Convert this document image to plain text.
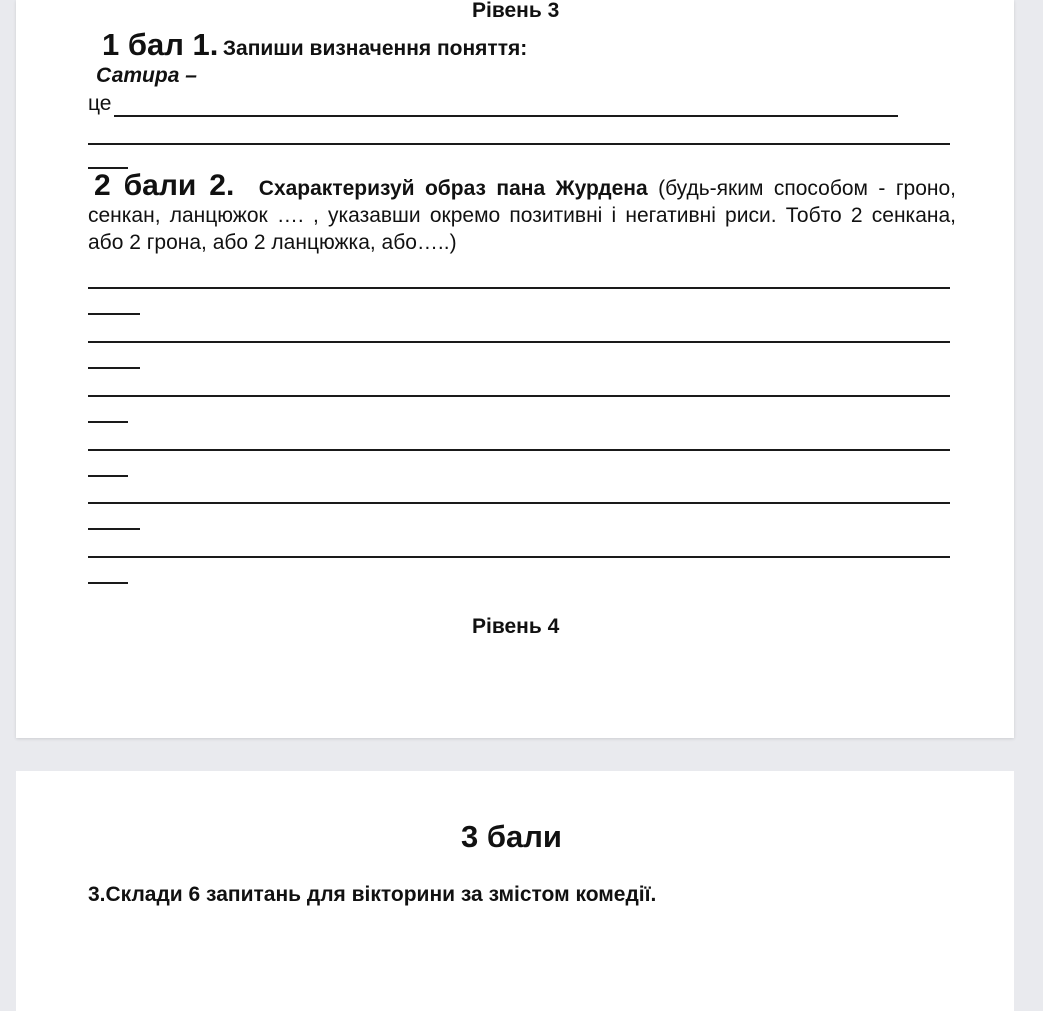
Рівень 3
1 бал 1. Запиши визначення поняття:
Сатира –
це
2 бали 2. Схарактеризуй образ пана Журдена (будь-яким способом - гроно, сенкан, ланцюжок …. , указавши окремо позитивні і негативні риси. Тобто 2 сенкана, або 2 грона, або 2 ланцюжка, або…..)
Рівень 4
3 бали
3.Склади 6 запитань для вікторини за змістом комедії.
